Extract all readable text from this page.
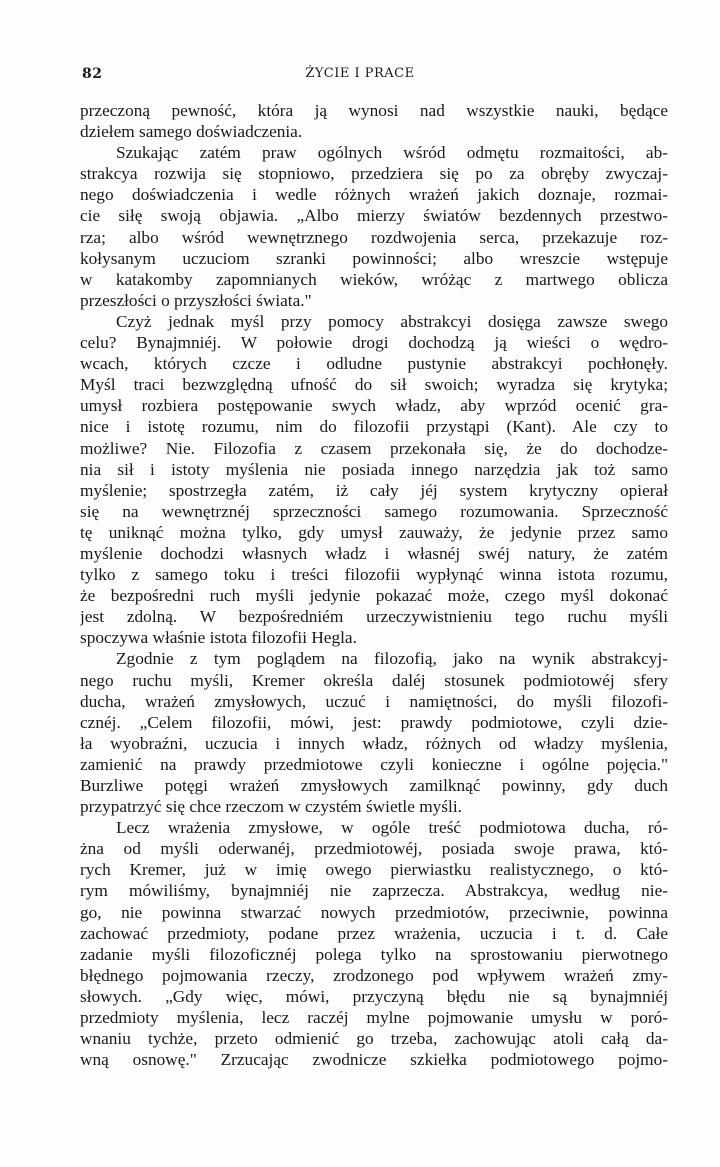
82	ŻYCIE I PRACE
przeczoną pewność, która ją wynosi nad wszystkie nauki, będące
dziełem samego doświadczenia.
Szukając zatém praw ogólnych wśród odmętu rozmaitości, ab-
strakcya rozwija się stopniowo, przedziera się po za obręby zwyczaj-
nego doświadczenia i wedle różnych wrażeń jakich doznaje, rozmai-
cie siłę swoją objawia. „Albo mierzy światów bezdennych przestwo-
rza; albo wśród wewnętrznego rozdwojenia serca, przekazuje roz-
kołysanym uczuciom szranki powinności; albo wreszcie wstępuje
w katakomby zapomnianych wieków, wróżąc z martwego oblicza
przeszłości o przyszłości świata."
Czyż jednak myśl przy pomocy abstrakcyi dosięga zawsze swego
celu? Bynajmniéj. W połowie drogi dochodzą ją wieści o wędro-
wcach, których czcze i odludne pustynie abstrakcyi pochłonęły.
Myśl traci bezwzględną ufność do sił swoich; wyradza się krytyka;
umysł rozbiera postępowanie swych władz, aby wprzód ocenić gra-
nice i istotę rozumu, nim do filozofii przystąpi (Kant). Ale czy to
możliwe? Nie. Filozofia z czasem przekonała się, że do dochodze-
nia sił i istoty myślenia nie posiada innego narzędzia jak toż samo
myślenie; spostrzegła zatém, iż cały jéj system krytyczny opierał
się na wewnętrznéj sprzeczności samego rozumowania. Sprzeczność
tę uniknąć można tylko, gdy umysł zauważy, że jedynie przez samo
myślenie dochodzi własnych władz i własnéj swéj natury, że zatém
tylko z samego toku i treści filozofii wypłynąć winna istota rozumu,
że bezpośredni ruch myśli jedynie pokazać może, czego myśl dokonać
jest zdolną. W bezpośredniém urzeczywistnieniu tego ruchu myśli
spoczywa właśnie istota filozofii Hegla.
Zgodnie z tym poglądem na filozofią, jako na wynik abstrakcyj-
nego ruchu myśli, Kremer określa daléj stosunek podmiotowéj sfery
ducha, wrażeń zmysłowych, uczuć i namiętności, do myśli filozofi-
cznéj. „Celem filozofii, mówi, jest: prawdy podmiotowe, czyli dzie-
ła wyobraźni, uczucia i innych władz, różnych od władzy myślenia,
zamienić na prawdy przedmiotowe czyli konieczne i ogólne pojęcia."
Burzliwe potęgi wrażeń zmysłowych zamilknąć powinny, gdy duch
przypatrzyć się chce rzeczom w czystém świetle myśli.
Lecz wrażenia zmysłowe, w ogóle treść podmiotowa ducha, ró-
żna od myśli oderwanéj, przedmiotowéj, posiada swoje prawa, któ-
rych Kremer, już w imię owego pierwiastku realistycznego, o któ-
rym mówiliśmy, bynajmniéj nie zaprzecza. Abstrakcya, według nie-
go, nie powinna stwarzać nowych przedmiotów, przeciwnie, powinna
zachować przedmioty, podane przez wrażenia, uczucia i t. d. Całe
zadanie myśli filozoficznéj polega tylko na sprostowaniu pierwotnego
błędnego pojmowania rzeczy, zrodzonego pod wpływem wrażeń zmy-
słowych. „Gdy więc, mówi, przyczyną błędu nie są bynajmniéj
przedmioty myślenia, lecz raczéj mylne pojmowanie umysłu w poró-
wnaniu tychże, przeto odmienić go trzeba, zachowując atoli całą da-
wną osnowę." Zrzucając zwodnicze szkiełka podmiotowego pojmo-
